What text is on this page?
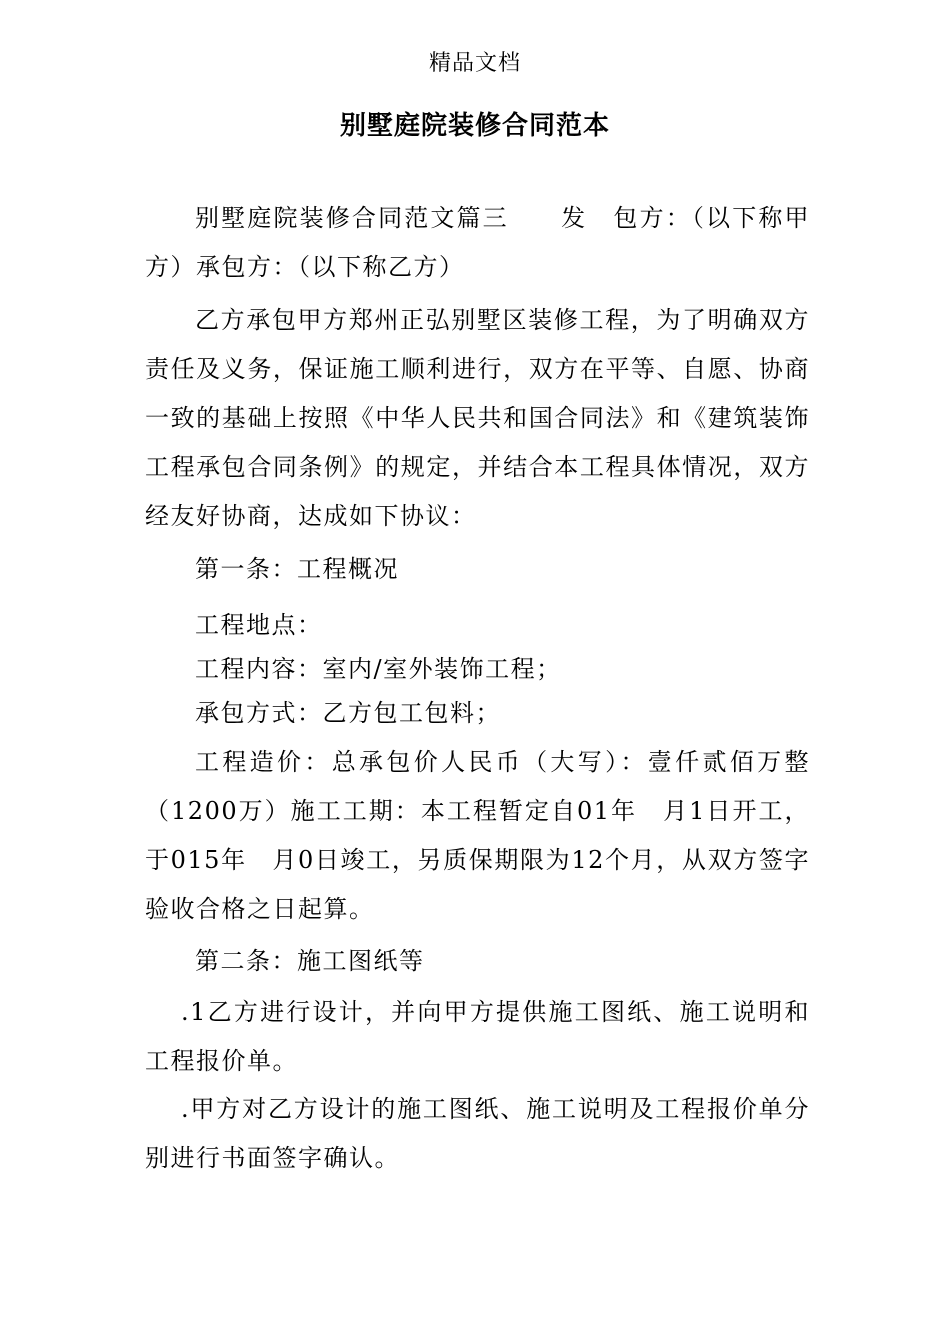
精品文档
别墅庭院装修合同范本

别墅庭院装修合同范文篇三　　发　包方：（以下称甲方）承包方：（以下称乙方）

乙方承包甲方郑州正弘别墅区装修工程，为了明确双方责任及义务，保证施工顺利进行，双方在平等、自愿、协商一致的基础上按照《中华人民共和国合同法》和《建筑装饰工程承包合同条例》的规定，并结合本工程具体情况，双方经友好协商，达成如下协议：

第一条：工程概况

工程地点：

工程内容：室内/室外装饰工程；

承包方式：乙方包工包料；

工程造价：总承包价人民币（大写）：壹仟贰佰万整（1200万）施工工期：本工程暂定自01年　月1日开工，于015年　月0日竣工，另质保期限为12个月，从双方签字验收合格之日起算。

第二条：施工图纸等

.1乙方进行设计，并向甲方提供施工图纸、施工说明和工程报价单。

.甲方对乙方设计的施工图纸、施工说明及工程报价单分别进行书面签字确认。
